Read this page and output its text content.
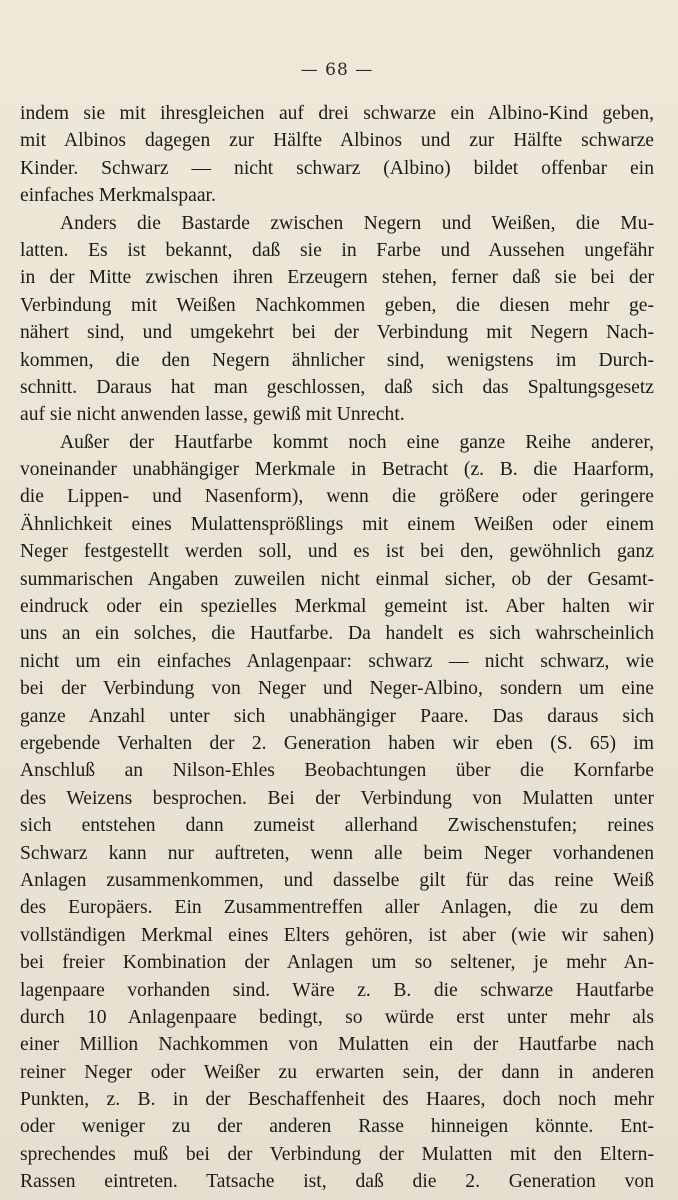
— 68 —
indem sie mit ihresgleichen auf drei schwarze ein Albino-Kind geben,
mit Albinos dagegen zur Hälfte Albinos und zur Hälfte schwarze
Kinder. Schwarz — nicht schwarz (Albino) bildet offenbar ein
einfaches Merkmalspaar.
Anders die Bastarde zwischen Negern und Weißen, die Mu-
latten. Es ist bekannt, daß sie in Farbe und Aussehen ungefähr
in der Mitte zwischen ihren Erzeugern stehen, ferner daß sie bei der
Verbindung mit Weißen Nachkommen geben, die diesen mehr ge-
nähert sind, und umgekehrt bei der Verbindung mit Negern Nach-
kommen, die den Negern ähnlicher sind, wenigstens im Durch-
schnitt. Daraus hat man geschlossen, daß sich das Spaltungsgesetz
auf sie nicht anwenden lasse, gewiß mit Unrecht.
Außer der Hautfarbe kommt noch eine ganze Reihe anderer,
voneinander unabhängiger Merkmale in Betracht (z. B. die Haarform,
die Lippen- und Nasenform), wenn die größere oder geringere
Ähnlichkeit eines Mulattensprößlings mit einem Weißen oder einem
Neger festgestellt werden soll, und es ist bei den, gewöhnlich ganz
summarischen Angaben zuweilen nicht einmal sicher, ob der Gesamt-
eindruck oder ein spezielles Merkmal gemeint ist. Aber halten wir
uns an ein solches, die Hautfarbe. Da handelt es sich wahrscheinlich
nicht um ein einfaches Anlagenpaar: schwarz — nicht schwarz, wie
bei der Verbindung von Neger und Neger-Albino, sondern um eine
ganze Anzahl unter sich unabhängiger Paare. Das daraus sich
ergebende Verhalten der 2. Generation haben wir eben (S. 65) im
Anschluß an Nilson-Ehles Beobachtungen über die Kornfarbe
des Weizens besprochen. Bei der Verbindung von Mulatten unter
sich entstehen dann zumeist allerhand Zwischenstufen; reines
Schwarz kann nur auftreten, wenn alle beim Neger vorhandenen
Anlagen zusammenkommen, und dasselbe gilt für das reine Weiß
des Europäers. Ein Zusammentreffen aller Anlagen, die zu dem
vollständigen Merkmal eines Elters gehören, ist aber (wie wir sahen)
bei freier Kombination der Anlagen um so seltener, je mehr An-
lagenpaare vorhanden sind. Wäre z. B. die schwarze Hautfarbe
durch 10 Anlagenpaare bedingt, so würde erst unter mehr als
einer Million Nachkommen von Mulatten ein der Hautfarbe nach
reiner Neger oder Weißer zu erwarten sein, der dann in anderen
Punkten, z. B. in der Beschaffenheit des Haares, doch noch mehr
oder weniger zu der anderen Rasse hinneigen könnte. Ent-
sprechendes muß bei der Verbindung der Mulatten mit den Eltern-
Rassen eintreten. Tatsache ist, daß die 2. Generation von
